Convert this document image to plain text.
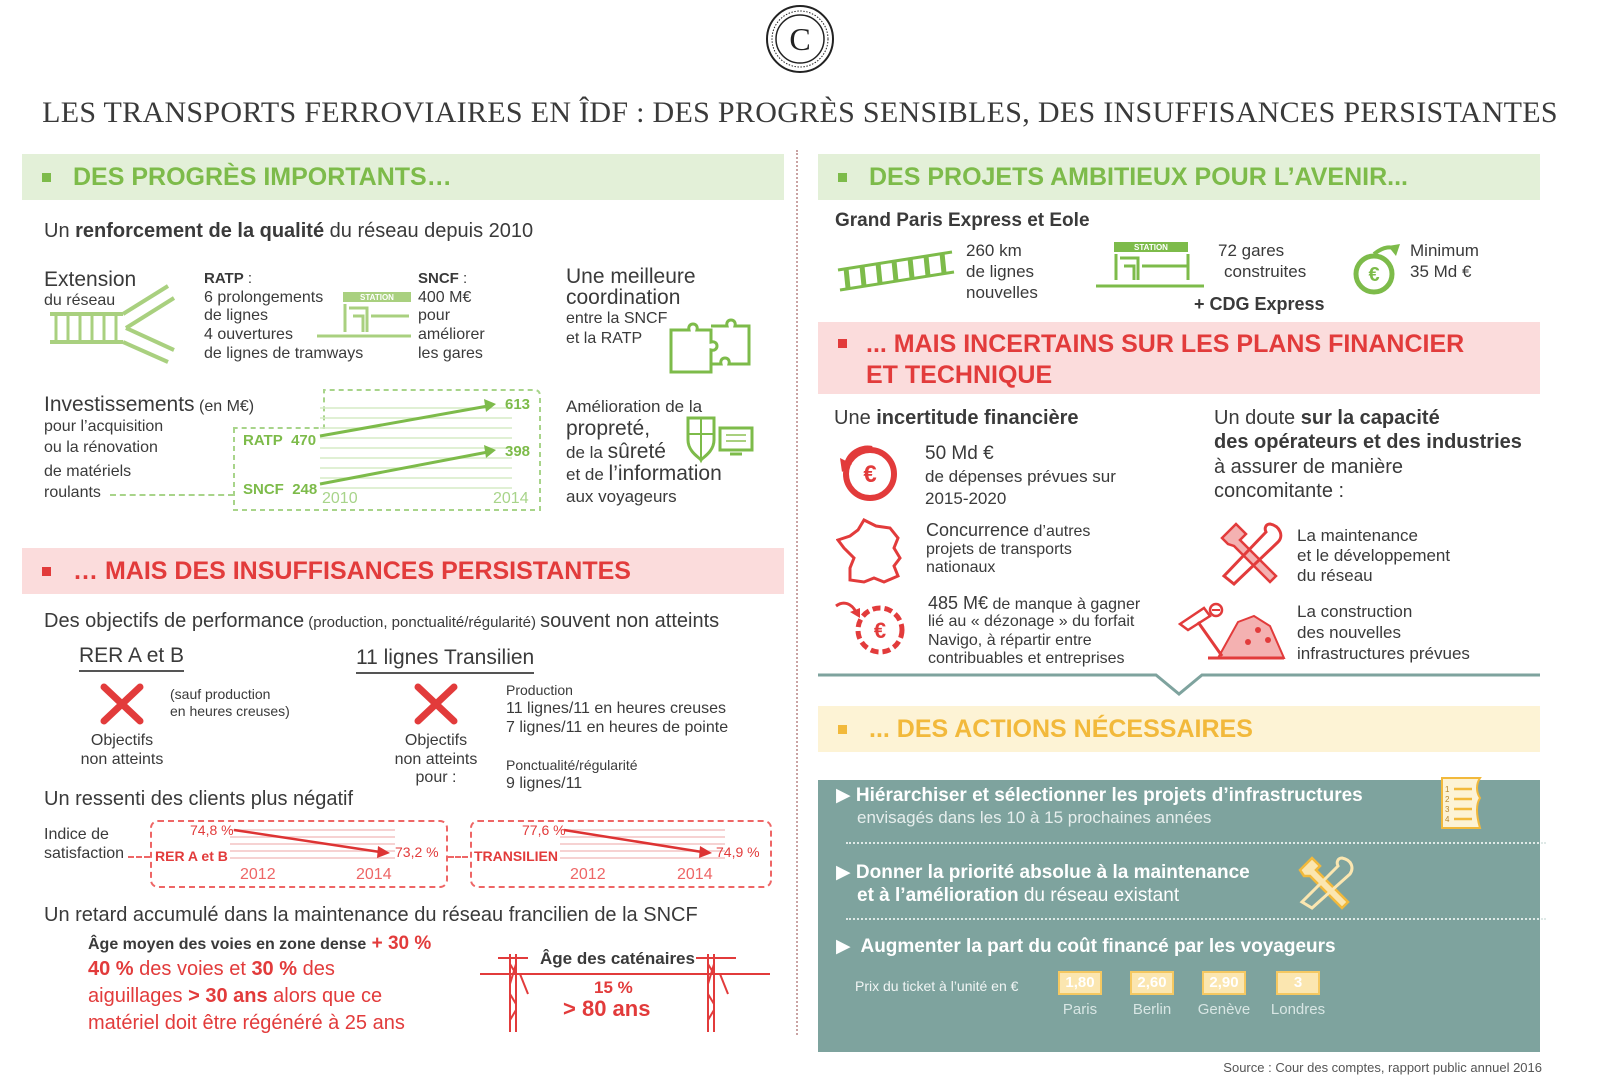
C
LES TRANSPORTS FERROVIAIRES EN ÎDF : DES PROGRÈS SENSIBLES, DES INSUFFISANCES PERSISTANTES
DES PROGRÈS IMPORTANTS…
Un renforcement de la qualité du réseau depuis 2010
Extension
du réseau
RATP :
6 prolongements
de lignes
4 ouvertures
de lignes de tramways
STATION
SNCF :
400 M€
pour
améliorer
les gares
Une meilleure
coordination
entre la SNCF
et la RATP
Investissements (en M€)
pour l’acquisition
ou la rénovation
de matériels
roulants
613
398
RATP 470
SNCF 248
2010	2014
Amélioration de la
propreté,
de la sûreté
et de l’information
aux voyageurs
… MAIS DES INSUFFISANCES PERSISTANTES
Des objectifs de performance (production, ponctualité/régularité) souvent non atteints
RER A et B
(sauf production
en heures creuses)
Objectifs
non atteints
11 lignes Transilien
Objectifs
non atteints
pour :
Production
11 lignes/11 en heures creuses
7 lignes/11 en heures de pointe
Ponctualité/régularité
9 lignes/11
Un ressenti des clients plus négatif
Indice de
satisfaction
74,8 %
73,2 %
RER A et B
2012	2014
77,6 %
74,9 %
TRANSILIEN
2012	2014
Un retard accumulé dans la maintenance du réseau francilien de la SNCF
Âge moyen des voies en zone dense + 30 %
40 % des voies et 30 % des
aiguillages > 30 ans alors que ce
matériel doit être régénéré à 25 ans
Âge des caténaires
15 %
> 80 ans
DES PROJETS AMBITIEUX POUR L’AVENIR...
Grand Paris Express et Eole
260 km
de lignes
nouvelles
STATION	72 gares
construites
+ CDG Express
€
Minimum
35 Md €
... MAIS INCERTAINS SUR LES PLANS FINANCIER
ET TECHNIQUE
Une incertitude financière
€
50 Md €
de dépenses prévues sur
2015-2020
Concurrence d’autres
projets de transports
nationaux
€
485 M€ de manque à gagner
lié au « dézonage » du forfait
Navigo, à répartir entre
contribuables et entreprises
Un doute sur la capacité
des opérateurs et des industries
à assurer de manière
concomitante :
La maintenance
et le développement
du réseau
La construction
des nouvelles
infrastructures prévues
... DES ACTIONS NÉCESSAIRES
▶ Hiérarchiser et sélectionner les projets d’infrastructures
envisagés dans les 10 à 15 prochaines années
1
2
3
4
▶ Donner la priorité absolue à la maintenance
et à l’amélioration du réseau existant
▶  Augmenter la part du coût financé par les voyageurs
Prix du ticket à l’unité en €	1,80
Paris
2,60
Berlin
2,90
Genève
3
Londres
Source : Cour des comptes, rapport public annuel 2016
